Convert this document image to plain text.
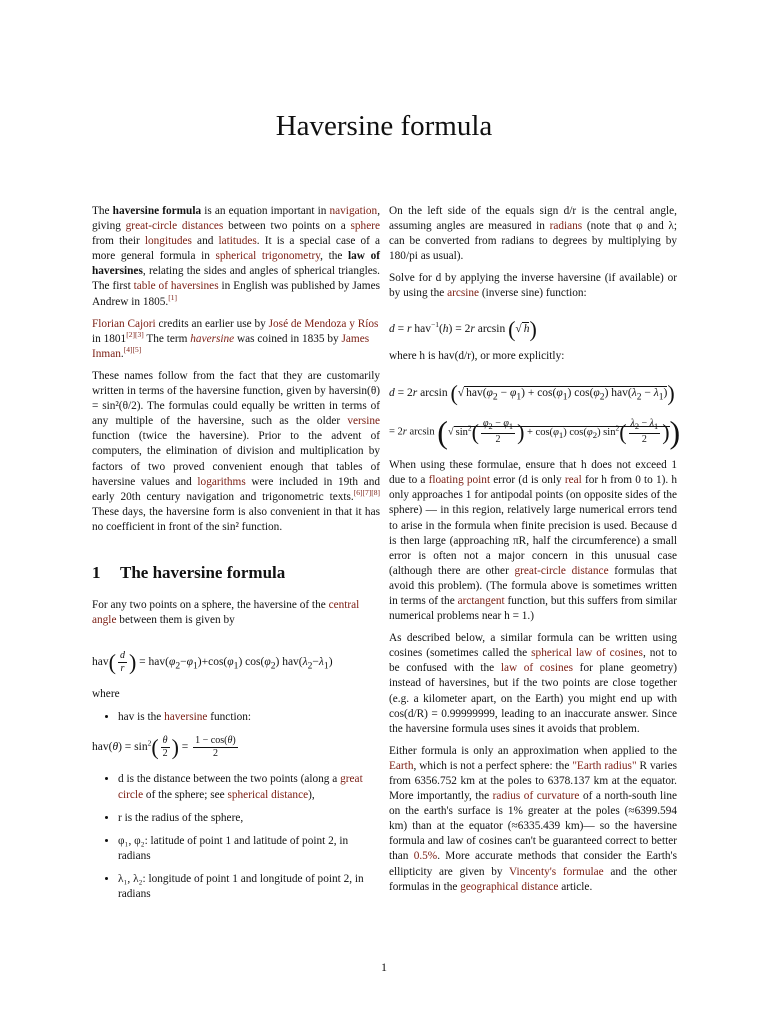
Haversine formula

The haversine formula is an equation important in navigation, giving great-circle distances between two points on a sphere from their longitudes and latitudes. It is a special case of a more general formula in spherical trigonometry, the law of haversines, relating the sides and angles of spherical triangles. The first table of haversines in English was published by James Andrew in 1805.[1]

Florian Cajori credits an earlier use by José de Mendoza y Ríos in 1801[2][3] The term haversine was coined in 1835 by James Inman.[4][5]

These names follow from the fact that they are customarily written in terms of the haversine function, given by haversin(θ) = sin²(θ/2). The formulas could equally be written in terms of any multiple of the haversine, such as the older versine function (twice the haversine). Prior to the advent of computers, the elimination of division and multiplication by factors of two proved convenient enough that tables of haversine values and logarithms were included in 19th and early 20th century navigation and trigonometric texts.[6][7][8] These days, the haversine form is also convenient in that it has no coefficient in front of the sin² function.

1 The haversine formula

For any two points on a sphere, the haversine of the central angle between them is given by

$hav( \frac{d}{r}$ ) = $hav(\varphi_2-\varphi_1)+\cos(\varphi_1)$ $\cos(\varphi_2)$ $hav(\lambda_2-\lambda_1)$
where
• hav is the haversine function:
$hav(\theta) = \sin^2( \frac{\theta}{2}$ ) = $\frac{1 - \cos(\theta)}{2}$
• d is the distance between the two points (along a great circle of the sphere; see spherical distance),
• r is the radius of the sphere,
• φ₁, φ₂: latitude of point 1 and latitude of point 2, in radians
• λ₁, λ₂: longitude of point 1 and longitude of point 2, in radians

On the left side of the equals sign d/r is the central angle, assuming angles are measured in radians (note that φ and λ; can be converted from radians to degrees by multiplying by 180/pi as usual).

Solve for d by applying the inverse haversine (if available) or by using the arcsine (inverse sine) function:

d = r hav$^{-1}$(h) = 2r arcsin (√ h)

where h is hav(d/r), or more explicitly:

d = 2r arcsin (√ $hav(\varphi_2 - \varphi_1) + \cos(\varphi_1)$ $\cos(\varphi_2) hav(\lambda_2 - \lambda_1)$)
= 2r arcsin (√ $\sin^2( \frac{\varphi_2 - \varphi_1}{2}$ ) + $\cos(\varphi_1)$ $\cos(\varphi_2)$ $\sin^2( \frac{\lambda_2 - \lambda_1}{2}$ ))

When using these formulae, ensure that h does not exceed 1 due to a floating point error (d is only real for h from 0 to 1). h only approaches 1 for antipodal points (on opposite sides of the sphere) — in this region, relatively large numerical errors tend to arise in the formula when finite precision is used. Because d is then large (approaching πR, half the circumference) a small error is often not a major concern in this unusual case (although there are other great-circle distance formulas that avoid this problem). (The formula above is sometimes written in terms of the arctangent function, but this suffers from similar numerical problems near h = 1.)

As described below, a similar formula can be written using cosines (sometimes called the spherical law of cosines, not to be confused with the law of cosines for plane geometry) instead of haversines, but if the two points are close together (e.g. a kilometer apart, on the Earth) you might end up with cos(d/R) = 0.99999999, leading to an inaccurate answer. Since the haversine formula uses sines it avoids that problem.

Either formula is only an approximation when applied to the Earth, which is not a perfect sphere: the "Earth radius" R varies from 6356.752 km at the poles to 6378.137 km at the equator. More importantly, the radius of curvature of a north-south line on the earth's surface is 1% greater at the poles (≈6399.594 km) than at the equator (≈6335.439 km)— so the haversine formula and law of cosines can't be guaranteed correct to better than 0.5%. More accurate methods that consider the Earth's ellipticity are given by Vincenty's formulae and the other formulas in the geographical distance article.

1
